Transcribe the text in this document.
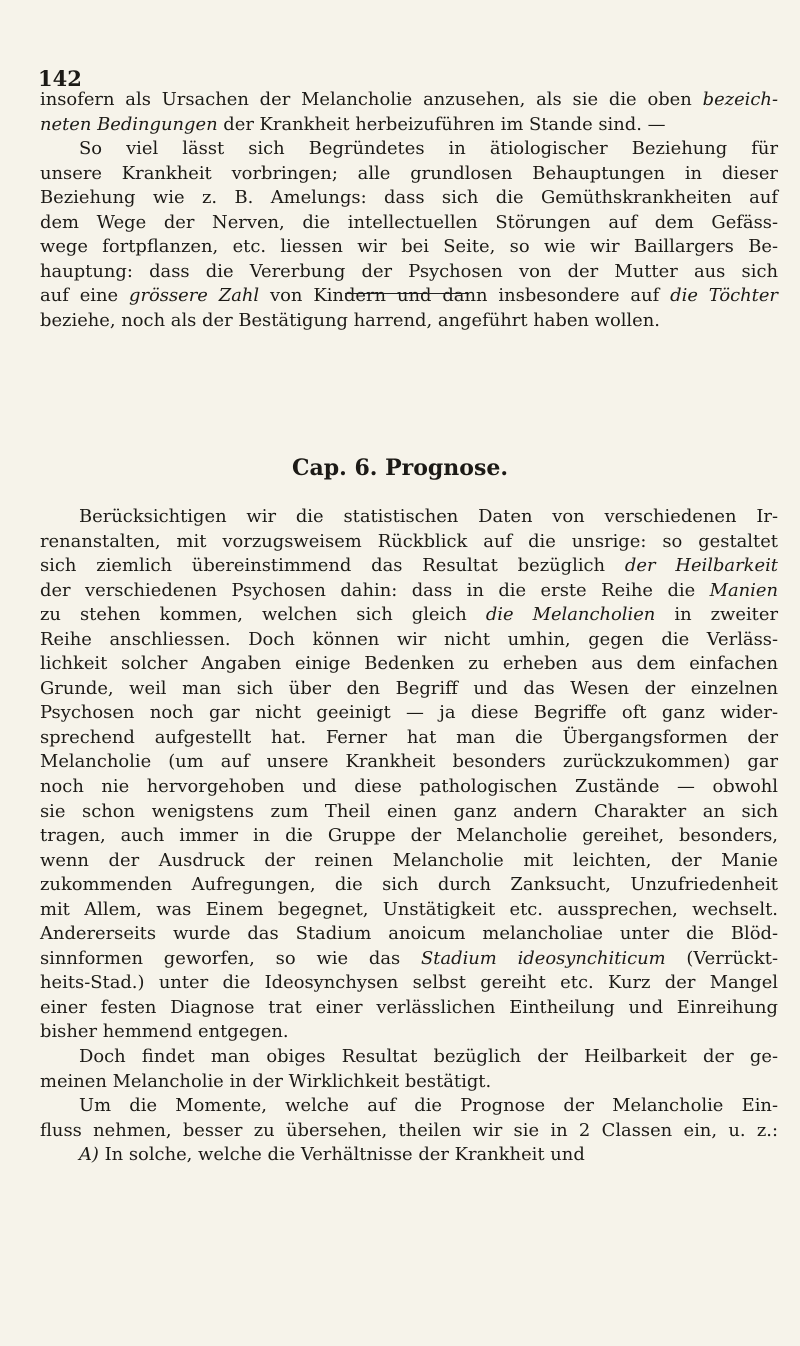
142
insofern als Ursachen der Melancholie anzusehen, als sie die oben bezeich-
neten Bedingungen der Krankheit herbeizuführen im Stande sind. —
So viel lässt sich Begründetes in ätiologischer Beziehung für
unsere Krankheit vorbringen; alle grundlosen Behauptungen in dieser
Beziehung wie z. B. Amelungs: dass sich die Gemüthskrankheiten auf
dem Wege der Nerven, die intellectuellen Störungen auf dem Gefäss-
wege fortpflanzen, etc. liessen wir bei Seite, so wie wir Baillargers Be-
hauptung: dass die Vererbung der Psychosen von der Mutter aus sich
auf eine grössere Zahl von Kindern und dann insbesondere auf die Töchter
beziehe, noch als der Bestätigung harrend, angeführt haben wollen.
Cap. 6. Prognose.
Berücksichtigen wir die statistischen Daten von verschiedenen Ir-
renanstalten, mit vorzugsweisem Rückblick auf die unsrige: so gestaltet
sich ziemlich übereinstimmend das Resultat bezüglich der Heilbarkeit
der verschiedenen Psychosen dahin: dass in die erste Reihe die Manien
zu stehen kommen, welchen sich gleich die Melancholien in zweiter
Reihe anschliessen. Doch können wir nicht umhin, gegen die Verläss-
lichkeit solcher Angaben einige Bedenken zu erheben aus dem einfachen
Grunde, weil man sich über den Begriff und das Wesen der einzelnen
Psychosen noch gar nicht geeinigt — ja diese Begriffe oft ganz wider-
sprechend aufgestellt hat. Ferner hat man die Übergangsformen der
Melancholie (um auf unsere Krankheit besonders zurückzukommen) gar
noch nie hervorgehoben und diese pathologischen Zustände — obwohl
sie schon wenigstens zum Theil einen ganz andern Charakter an sich
tragen, auch immer in die Gruppe der Melancholie gereihet, besonders,
wenn der Ausdruck der reinen Melancholie mit leichten, der Manie
zukommenden Aufregungen, die sich durch Zanksucht, Unzufriedenheit
mit Allem, was Einem begegnet, Unstätigkeit etc. aussprechen, wechselt.
Andererseits wurde das Stadium anoicum melancholiae unter die Blöd-
sinnformen geworfen, so wie das Stadium ideosynchiticum (Verrückt-
heits-Stad.) unter die Ideosynchysen selbst gereiht etc. Kurz der Mangel
einer festen Diagnose trat einer verlässlichen Eintheilung und Einreihung
bisher hemmend entgegen.
Doch findet man obiges Resultat bezüglich der Heilbarkeit der ge-
meinen Melancholie in der Wirklichkeit bestätigt.
Um die Momente, welche auf die Prognose der Melancholie Ein-
fluss nehmen, besser zu übersehen, theilen wir sie in 2 Classen ein, u. z.:
A) In solche, welche die Verhältnisse der Krankheit und
